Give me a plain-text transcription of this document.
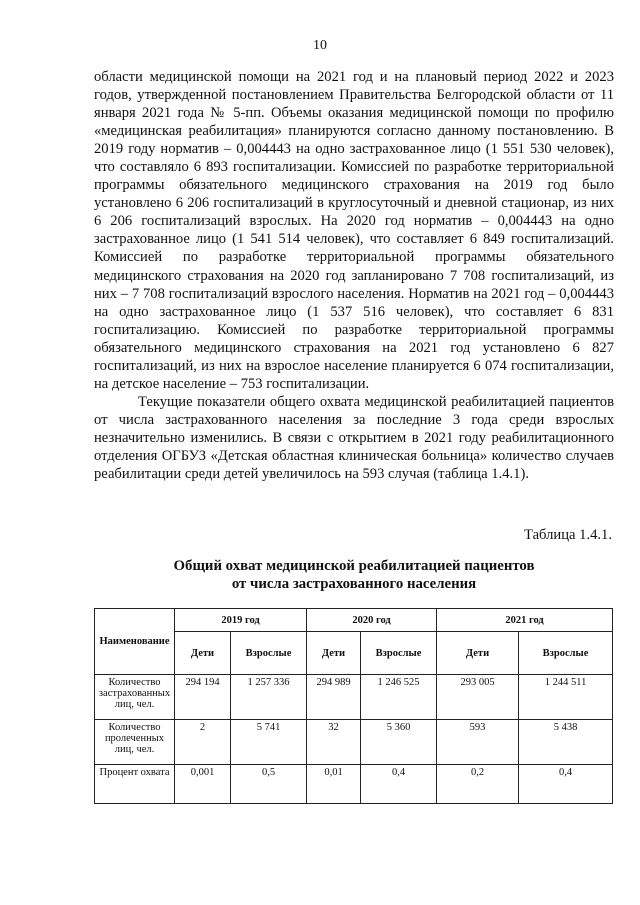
10

области медицинской помощи на 2021 год и на плановый период 2022 и 2023 годов, утвержденной постановлением Правительства Белгородской области от 11 января 2021 года № 5-пп. Объемы оказания медицинской помощи по профилю «медицинская реабилитация» планируются согласно данному постановлению. В 2019 году норматив – 0,004443 на одно застрахованное лицо (1 551 530 человек), что составляло 6 893 госпитализации. Комиссией по разработке территориальной программы обязательного медицинского страхования на 2019 год было установлено 6 206 госпитализаций в круглосуточный и дневной стационар, из них 6 206 госпитализаций взрослых. На 2020 год норматив – 0,004443 на одно застрахованное лицо (1 541 514 человек), что составляет 6 849 госпитализаций. Комиссией по разработке территориальной программы обязательного медицинского страхования на 2020 год запланировано 7 708 госпитализаций, из них – 7 708 госпитализаций взрослого населения. Норматив на 2021 год – 0,004443 на одно застрахованное лицо (1 537 516 человек), что составляет 6 831 госпитализацию. Комиссией по разработке территориальной программы обязательного медицинского страхования на 2021 год установлено 6 827 госпитализаций, из них на взрослое население планируется 6 074 госпитализации, на детское население – 753 госпитализации.

Текущие показатели общего охвата медицинской реабилитацией пациентов от числа застрахованного населения за последние 3 года среди взрослых незначительно изменились. В связи с открытием в 2021 году реабилитационного отделения ОГБУЗ «Детская областная клиническая больница» количество случаев реабилитации среди детей увеличилось на 593 случая (таблица 1.4.1).

Таблица 1.4.1.
Общий охват медицинской реабилитацией пациентов
от числа застрахованного населения
Наименование	2019 год		2020 год		2021 год	
	Дети	Взрослые	Дети	Взрослые	Дети	Взрослые
Количество застрахованных лиц, чел.	294 194	1 257 336	294 989	1 246 525	293 005	1 244 511
Количество пролеченных лиц, чел.	2	5 741	32	5 360	593	5 438
Процент охвата	0,001	0,5	0,01	0,4	0,2	0,4
